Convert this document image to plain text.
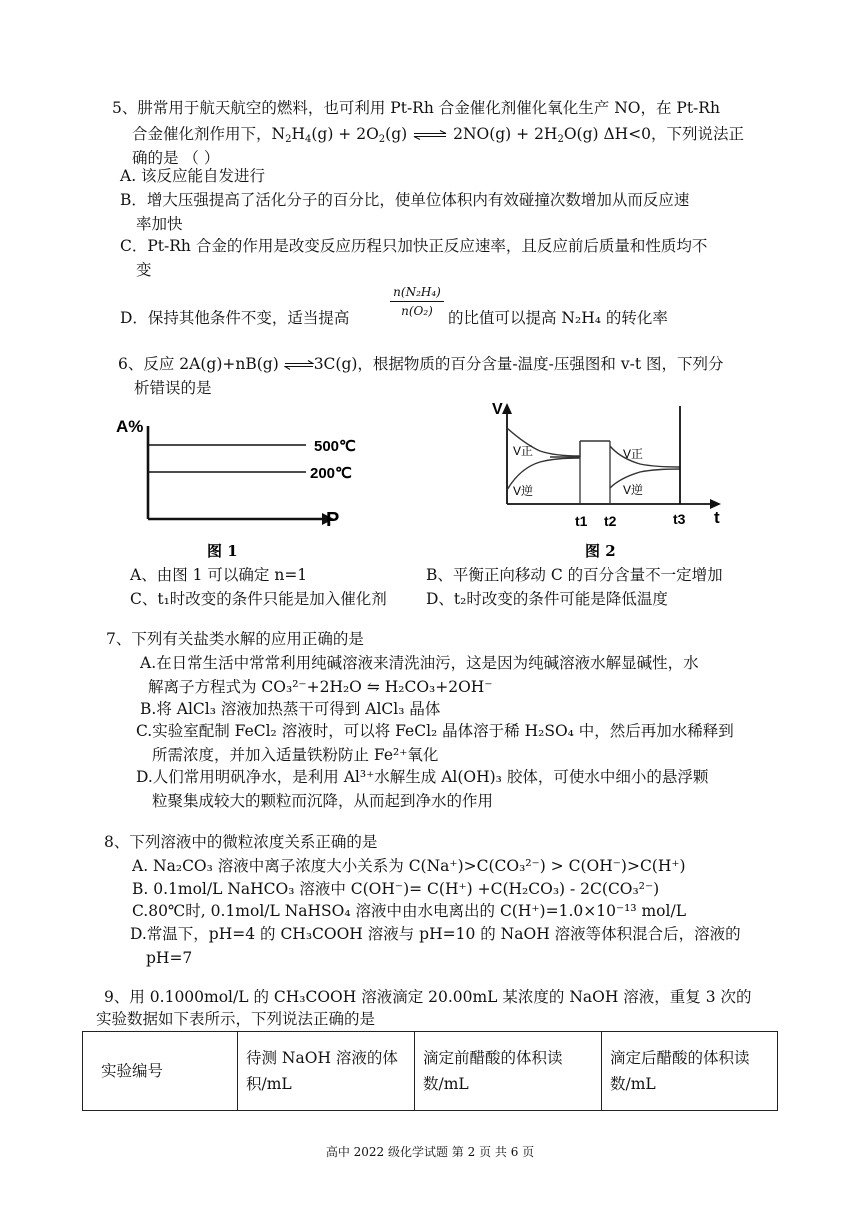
5、肼常用于航天航空的燃料，也可利用 Pt-Rh 合金催化剂催化氧化生产 NO，在 Pt-Rh
合金催化剂作用下，$N_2H_4(g) + 2O_2(g)$ ⇌ $2NO(g) + 2H_2O(g)$ ΔH<0，下列说法正
确的是 （ ）
A. 该反应能自发进行
B．增大压强提高了活化分子的百分比，使单位体积内有效碰撞次数增加从而反应速
率加快
C．Pt-Rh 合金的作用是改变反应历程只加快正反应速率，且反应前后质量和性质均不
变
D．保持其他条件不变，适当提高
n(N₂H₄)
n(O₂) 的比值可以提高 N₂H₄ 的转化率
6、反应 2A(g)+nB(g) ⇌3C(g)，根据物质的百分含量-温度-压强图和 v-t 图，下列分
析错误的是
A%
500℃
200℃
P
图 1
V
V正
V逆
V正
V逆
t1 t2	t3 t
图 2
A、由图 1 可以确定 n=1	B、平衡正向移动 C 的百分含量不一定增加
C、t₁时改变的条件只能是加入催化剂	D、t₂时改变的条件可能是降低温度
7、下列有关盐类水解的应用正确的是
A.在日常生活中常常利用纯碱溶液来清洗油污，这是因为纯碱溶液水解显碱性，水
解离子方程式为 CO₃²⁻+2H₂O ⇋ H₂CO₃+2OH⁻
B.将 AlCl₃ 溶液加热蒸干可得到 AlCl₃ 晶体
C.实验室配制 FeCl₂ 溶液时，可以将 FeCl₂ 晶体溶于稀 H₂SO₄ 中，然后再加水稀释到
所需浓度，并加入适量铁粉防止 Fe²⁺氧化
D.人们常用明矾净水，是利用 Al³⁺水解生成 Al(OH)₃ 胶体，可使水中细小的悬浮颗
粒聚集成较大的颗粒而沉降，从而起到净水的作用
8、下列溶液中的微粒浓度关系正确的是
A. Na₂CO₃ 溶液中离子浓度大小关系为 C(Na⁺)>C(CO₃²⁻) > C(OH⁻)>C(H⁺)
B. 0.1mol/L NaHCO₃ 溶液中 C(OH⁻)= C(H⁺) +C(H₂CO₃) - 2C(CO₃²⁻)
C.80℃时, 0.1mol/L NaHSO₄ 溶液中由水电离出的 C(H⁺)=1.0×10⁻¹³ mol/L
D.常温下，pH=4 的 CH₃COOH 溶液与 pH=10 的 NaOH 溶液等体积混合后，溶液的
pH=7
9、用 0.1000mol/L 的 CH₃COOH 溶液滴定 20.00mL 某浓度的 NaOH 溶液，重复 3 次的
实验数据如下表所示，下列说法正确的是
实验编号	待测 NaOH 溶液的体积/mL	滴定前醋酸的体积读数/mL	滴定后醋酸的体积读数/mL
高中 2022 级化学试题 第 2 页 共 6 页
